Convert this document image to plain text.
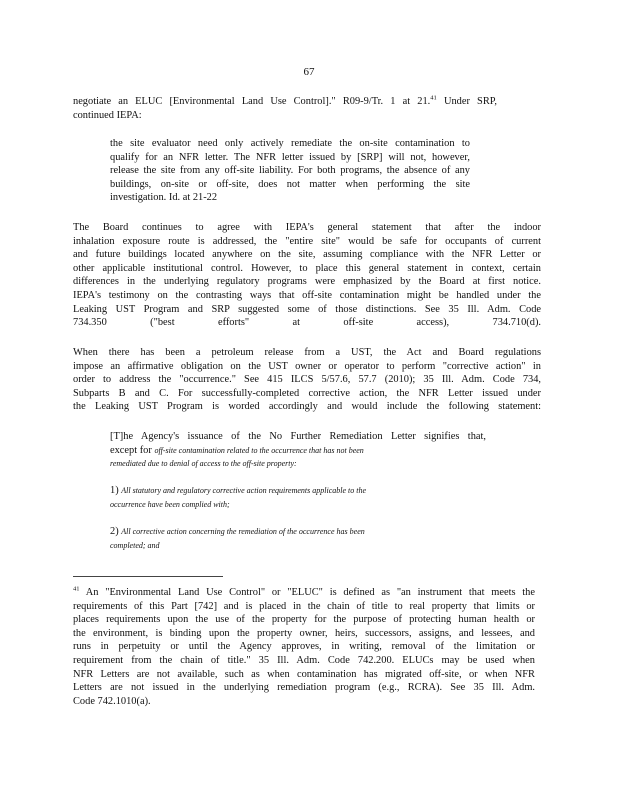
67

negotiate an ELUC [Environmental Land Use Control]." R09-9/Tr. 1 at 21.41 Under SRP,
continued IEPA:

the site evaluator need only actively remediate the on-site contamination to
qualify for an NFR letter. The NFR letter issued by [SRP] will not, however,
release the site from any off-site liability. For both programs, the absence of any
buildings, on-site or off-site, does not matter when performing the site
investigation. Id. at 21-22

The Board continues to agree with IEPA's general statement that after the indoor
inhalation exposure route is addressed, the "entire site" would be safe for occupants of current
and future buildings located anywhere on the site, assuming compliance with the NFR Letter or
other applicable institutional control. However, to place this general statement in context, certain
differences in the underlying regulatory programs were emphasized by the Board at first notice.
IEPA's testimony on the contrasting ways that off-site contamination might be handled under the
Leaking UST Program and SRP suggested some of those distinctions. See 35 Ill. Adm. Code
734.350 ("best efforts" at off-site access), 734.710(d).

When there has been a petroleum release from a UST, the Act and Board regulations
impose an affirmative obligation on the UST owner or operator to perform "corrective action" in
order to address the "occurrence." See 415 ILCS 5/57.6, 57.7 (2010); 35 Ill. Adm. Code 734,
Subparts B and C. For successfully-completed corrective action, the NFR Letter issued under
the Leaking UST Program is worded accordingly and would include the following statement:

[T]he Agency's issuance of the No Further Remediation Letter signifies that,
except for off-site contamination related to the occurrence that has not been
remediated due to denial of access to the off-site property:

1) All statutory and regulatory corrective action requirements applicable to the
occurrence have been complied with;

2) All corrective action concerning the remediation of the occurrence has been
completed; and

$^{41}$ An "Environmental Land Use Control" or "ELUC" is defined as "an instrument that meets the
requirements of this Part [742] and is placed in the chain of title to real property that limits or
places requirements upon the use of the property for the purpose of protecting human health or
the environment, is binding upon the property owner, heirs, successors, assigns, and lessees, and
runs in perpetuity or until the Agency approves, in writing, removal of the limitation or
requirement from the chain of title." 35 Ill. Adm. Code 742.200. ELUCs may be used when
NFR Letters are not available, such as when contamination has migrated off-site, or when NFR
Letters are not issued in the underlying remediation program (e.g., RCRA). See 35 Ill. Adm.
Code 742.1010(a).
